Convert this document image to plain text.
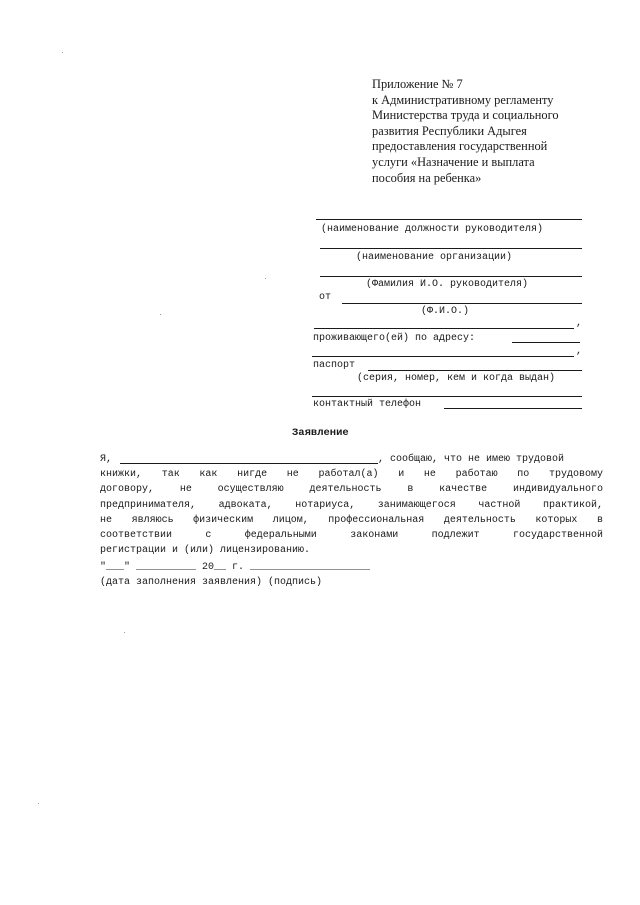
Приложение № 7
к Административному регламенту
Министерства труда и социального
развития Республики Адыгея
предоставления государственной
услуги «Назначение и выплата
пособия на ребенка»
(наименование должности руководителя)
(наименование организации)
(Фамилия И.О. руководителя)
от
(Ф.И.О.)
,
проживающего(ей) по адресу:
,
паспорт
(серия, номер, кем и когда выдан)
контактный телефон
Заявление
Я,	, сообщаю, что не имею трудовой
книжки, так как нигде не работал(а) и не работаю по трудовому
договору, не осуществляю деятельность в качестве индивидуального
предпринимателя, адвоката, нотариуса, занимающегося частной практикой,
не являюсь физическим лицом, профессиональная деятельность которых в
соответствии с федеральными законами подлежит государственной
регистрации и (или) лицензированию.
"___" __________ 20__ г. ____________________
(дата заполнения заявления) (подпись)
